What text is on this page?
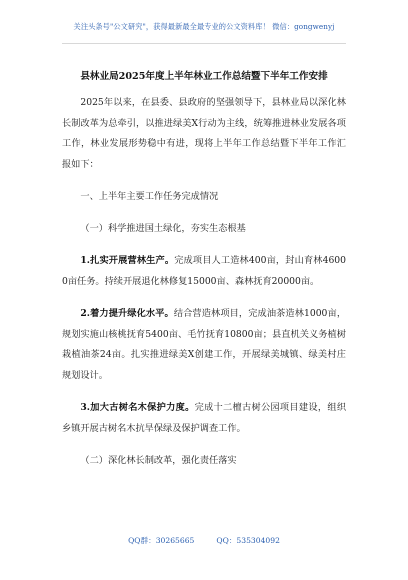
关注头条号"公文研究"，获得最新最全最专业的公文资料库！ 微信：gongwenyj
县林业局2025年度上半年林业工作总结暨下半年工作安排

2025年以来，在县委、县政府的坚强领导下，县林业局以深化林长制改革为总牵引，以推进绿美X行动为主线，统筹推进林业发展各项工作，林业发展形势稳中有进，现将上半年工作总结暨下半年工作汇报如下：

一、上半年主要工作任务完成情况

（一）科学推进国土绿化，夯实生态根基

1.扎实开展营林生产。完成项目人工造林400亩，封山育林46000亩任务。持续开展退化林修复15000亩、森林抚育20000亩。

2.着力提升绿化水平。结合营造林项目，完成油茶造林1000亩，规划实施山核桃抚育5400亩、毛竹抚育10800亩；县直机关义务植树栽植油茶24亩。扎实推进绿美X创建工作，开展绿美城镇、绿美村庄规划设计。

3.加大古树名木保护力度。完成十二檀古树公园项目建设，组织乡镇开展古树名木抗旱保绿及保护调查工作。

（二）深化林长制改革，强化责任落实

QQ群：30265665	QQ：535304092
